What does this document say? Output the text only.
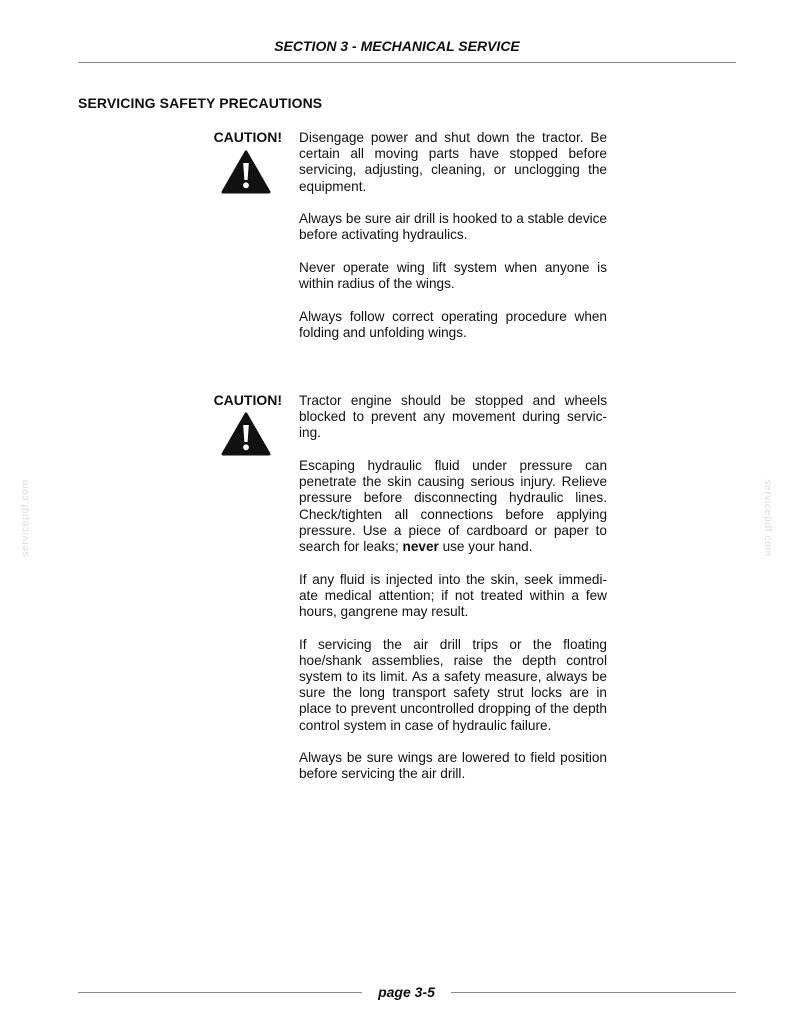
SECTION 3 - MECHANICAL SERVICE
SERVICING SAFETY PRECAUTIONS
CAUTION! Disengage power and shut down the tractor. Be certain all moving parts have stopped before servicing, adjusting, cleaning, or unclogging the equipment.

Always be sure air drill is hooked to a stable device before activating hydraulics.

Never operate wing lift system when anyone is within radius of the wings.

Always follow correct operating procedure when folding and unfolding wings.

CAUTION! Tractor engine should be stopped and wheels blocked to prevent any movement during servic-ing.

Escaping hydraulic fluid under pressure can penetrate the skin causing serious injury. Relieve pressure before disconnecting hydraulic lines. Check/tighten all connections before applying pressure. Use a piece of cardboard or paper to search for leaks; never use your hand.

If any fluid is injected into the skin, seek immedi-ate medical attention; if not treated within a few hours, gangrene may result.

If servicing the air drill trips or the floating hoe/shank assemblies, raise the depth control system to its limit. As a safety measure, always be sure the long transport safety strut locks are in place to prevent uncontrolled dropping of the depth control system in case of hydraulic failure.

Always be sure wings are lowered to field position before servicing the air drill.

servicepdf.com	servicepdf.com
page 3-5
